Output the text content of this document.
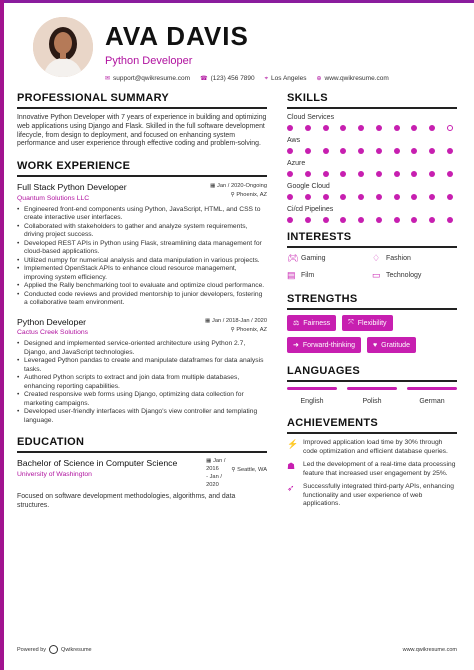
AVA DAVIS
Python Developer
✉ support@qwikresume.com ☎ (123) 456 7890 ⌖ Los Angeles ⊕ www.qwikresume.com
PROFESSIONAL SUMMARY
Innovative Python Developer with 7 years of experience in building and optimizing web applications using Django and Flask. Skilled in the full software development lifecycle, from design to deployment, and focused on enhancing system performance and user experience through effective coding and problem-solving.
WORK EXPERIENCE
Full Stack Python Developer
Quantum Solutions LLC
▦ Jan / 2020-Ongoing
⚲ Phoenix, AZ
• Engineered front-end components using Python, JavaScript, HTML, and CSS to create interactive user interfaces.
• Collaborated with stakeholders to gather and analyze system requirements, driving project success.
• Developed REST APIs in Python using Flask, streamlining data management for cloud-based applications.
• Utilized numpy for numerical analysis and data manipulation in various projects.
• Implemented OpenStack APIs to enhance cloud resource management, improving system efficiency.
• Applied the Rally benchmarking tool to evaluate and optimize cloud performance.
• Conducted code reviews and provided mentorship to junior developers, fostering a collaborative team environment.
Python Developer
Cactus Creek Solutions
▦ Jan / 2018-Jan / 2020
⚲ Phoenix, AZ
• Designed and implemented service-oriented architecture using Python 2.7, Django, and JavaScript technologies.
• Leveraged Python pandas to create and manipulate dataframes for data analysis tasks.
• Authored Python scripts to extract and join data from multiple databases, enhancing reporting capabilities.
• Created responsive web forms using Django, optimizing data collection for marketing campaigns.
• Developed user-friendly interfaces with Django's view controller and templating language.
EDUCATION
Bachelor of Science in Computer Science
University of Washington
▦ Jan /
2016
- Jan /
2020
⚲ Seattle, WA
Focused on software development methodologies, algorithms, and data structures.
SKILLS
Cloud Services
Aws
Azure
Google Cloud
Ci/cd Pipelines
INTERESTS
🎮︎ Gaming	♢ Fashion
▤ Film	▭ Technology
STRENGTHS
⚖ Fairness	⤧ Flexibility
➜ Forward-thinking	♥ Gratitude
LANGUAGES
English	Polish	German
ACHIEVEMENTS
⚡ Improved application load time by 30% through code optimization and efficient database queries.
☗	Led the development of a real-time data processing feature that increased user engagement by 25%.
➶	Successfully integrated third-party APIs, enhancing functionality and user experience of web applications.
Powered by	Qwikresume	www.qwikresume.com
